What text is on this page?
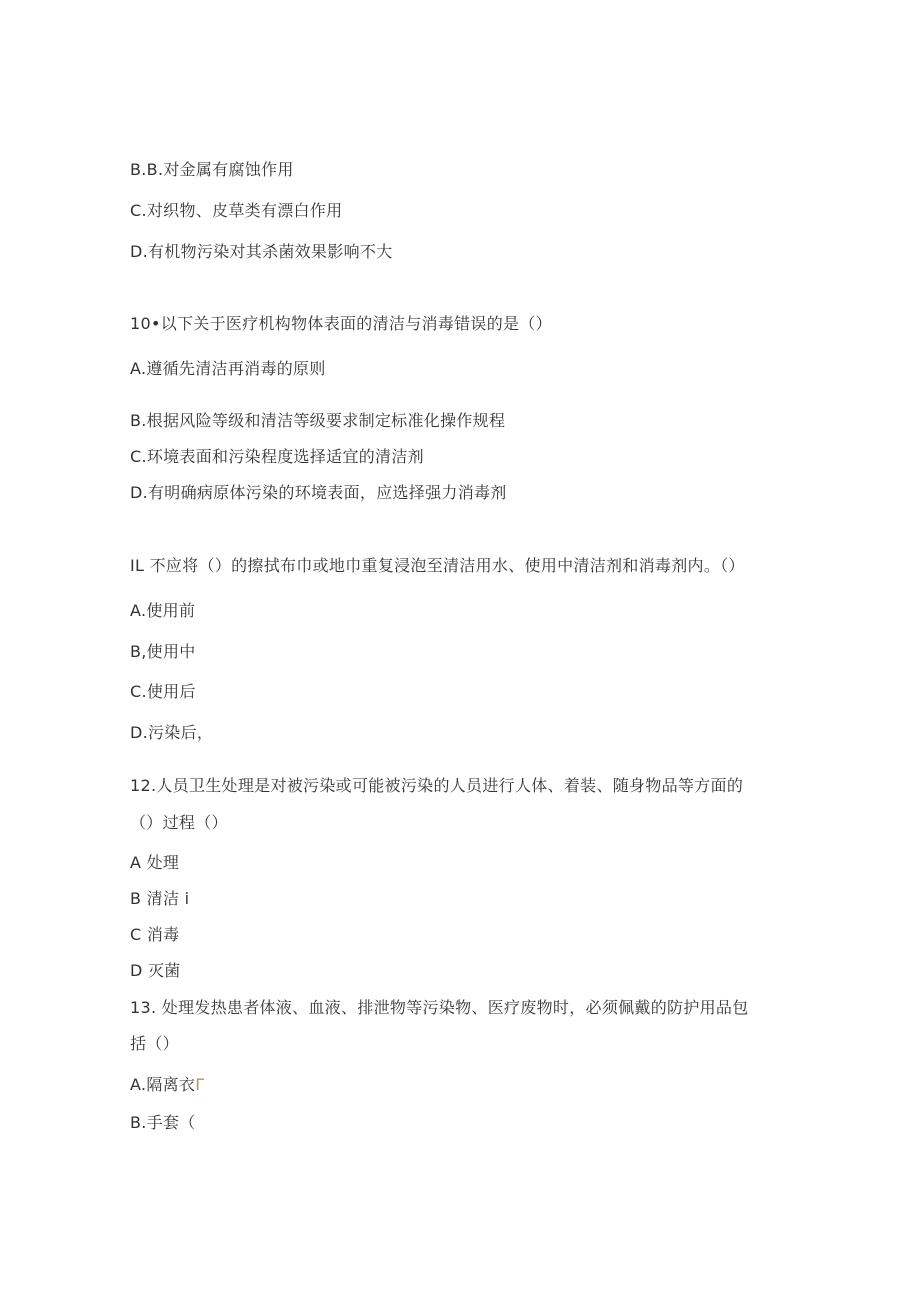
B.B.对金属有腐蚀作用
C.对织物、皮草类有漂白作用
D.有机物污染对其杀菌效果影响不大
10•以下关于医疗机构物体表面的清洁与消毒错误的是（）
A.遵循先清洁再消毒的原则
B.根据风险等级和清洁等级要求制定标准化操作规程
C.环境表面和污染程度选择适宜的清洁剂
D.有明确病原体污染的环境表面，应选择强力消毒剂
IL 不应将（）的擦拭布巾或地巾重复浸泡至清洁用水、使用中清洁剂和消毒剂内。（）
A.使用前
B,使用中
C.使用后
D.污染后，
12.人员卫生处理是对被污染或可能被污染的人员进行人体、着装、随身物品等方面的
（）过程（）
A 处理
B 清洁 i
C 消毒
D 灭菌
13. 处理发热患者体液、血液、排泄物等污染物、医疗废物时，必须佩戴的防护用品包
括（）
A.隔离衣Γ
B.手套（
